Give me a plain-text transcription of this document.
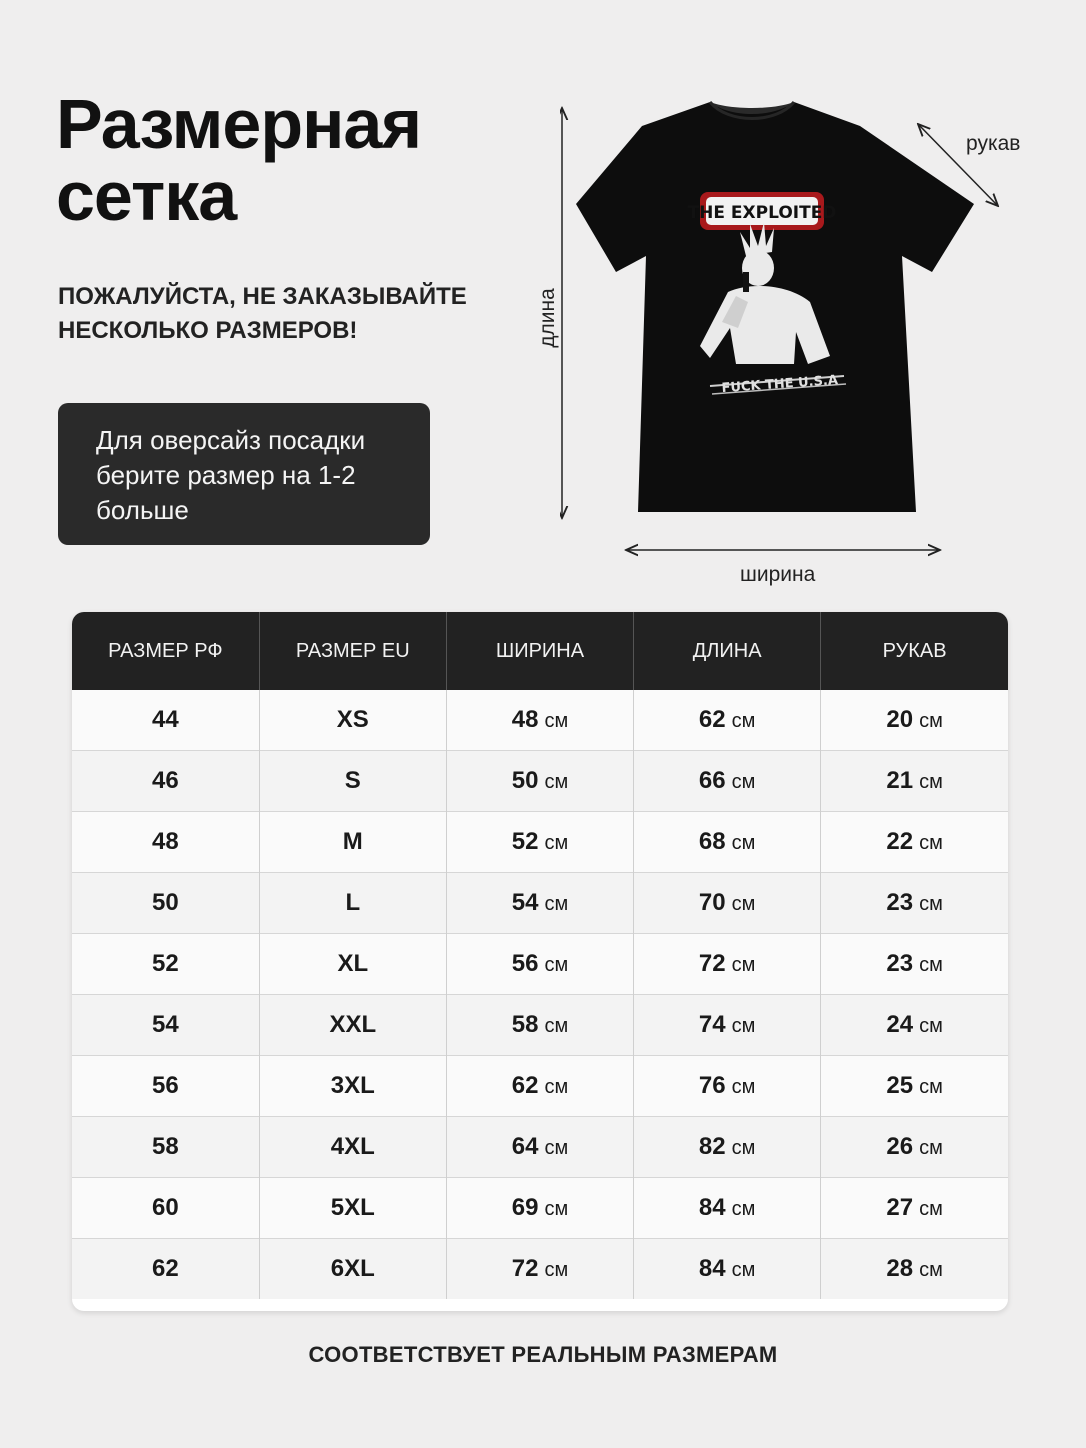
Размерная
сетка
ПОЖАЛУЙСТА, НЕ ЗАКАЗЫВАЙТЕ
НЕСКОЛЬКО РАЗМЕРОВ!
Для оверсайз посадки
берите размер на 1-2
больше
THE EXPLOITED
FUCK THE U.S.A
длина
рукав
ширина
РАЗМЕР РФ	РАЗМЕР EU	ШИРИНА	ДЛИНА	РУКАВ
44	XS	48 см	62 см	20 см
46	S	50 см	66 см	21 см
48	M	52 см	68 см	22 см
50	L	54 см	70 см	23 см
52	XL	56 см	72 см	23 см
54	XXL	58 см	74 см	24 см
56	3XL	62 см	76 см	25 см
58	4XL	64 см	82 см	26 см
60	5XL	69 см	84 см	27 см
62	6XL	72 см	84 см	28 см
СООТВЕТСТВУЕТ РЕАЛЬНЫМ РАЗМЕРАМ
